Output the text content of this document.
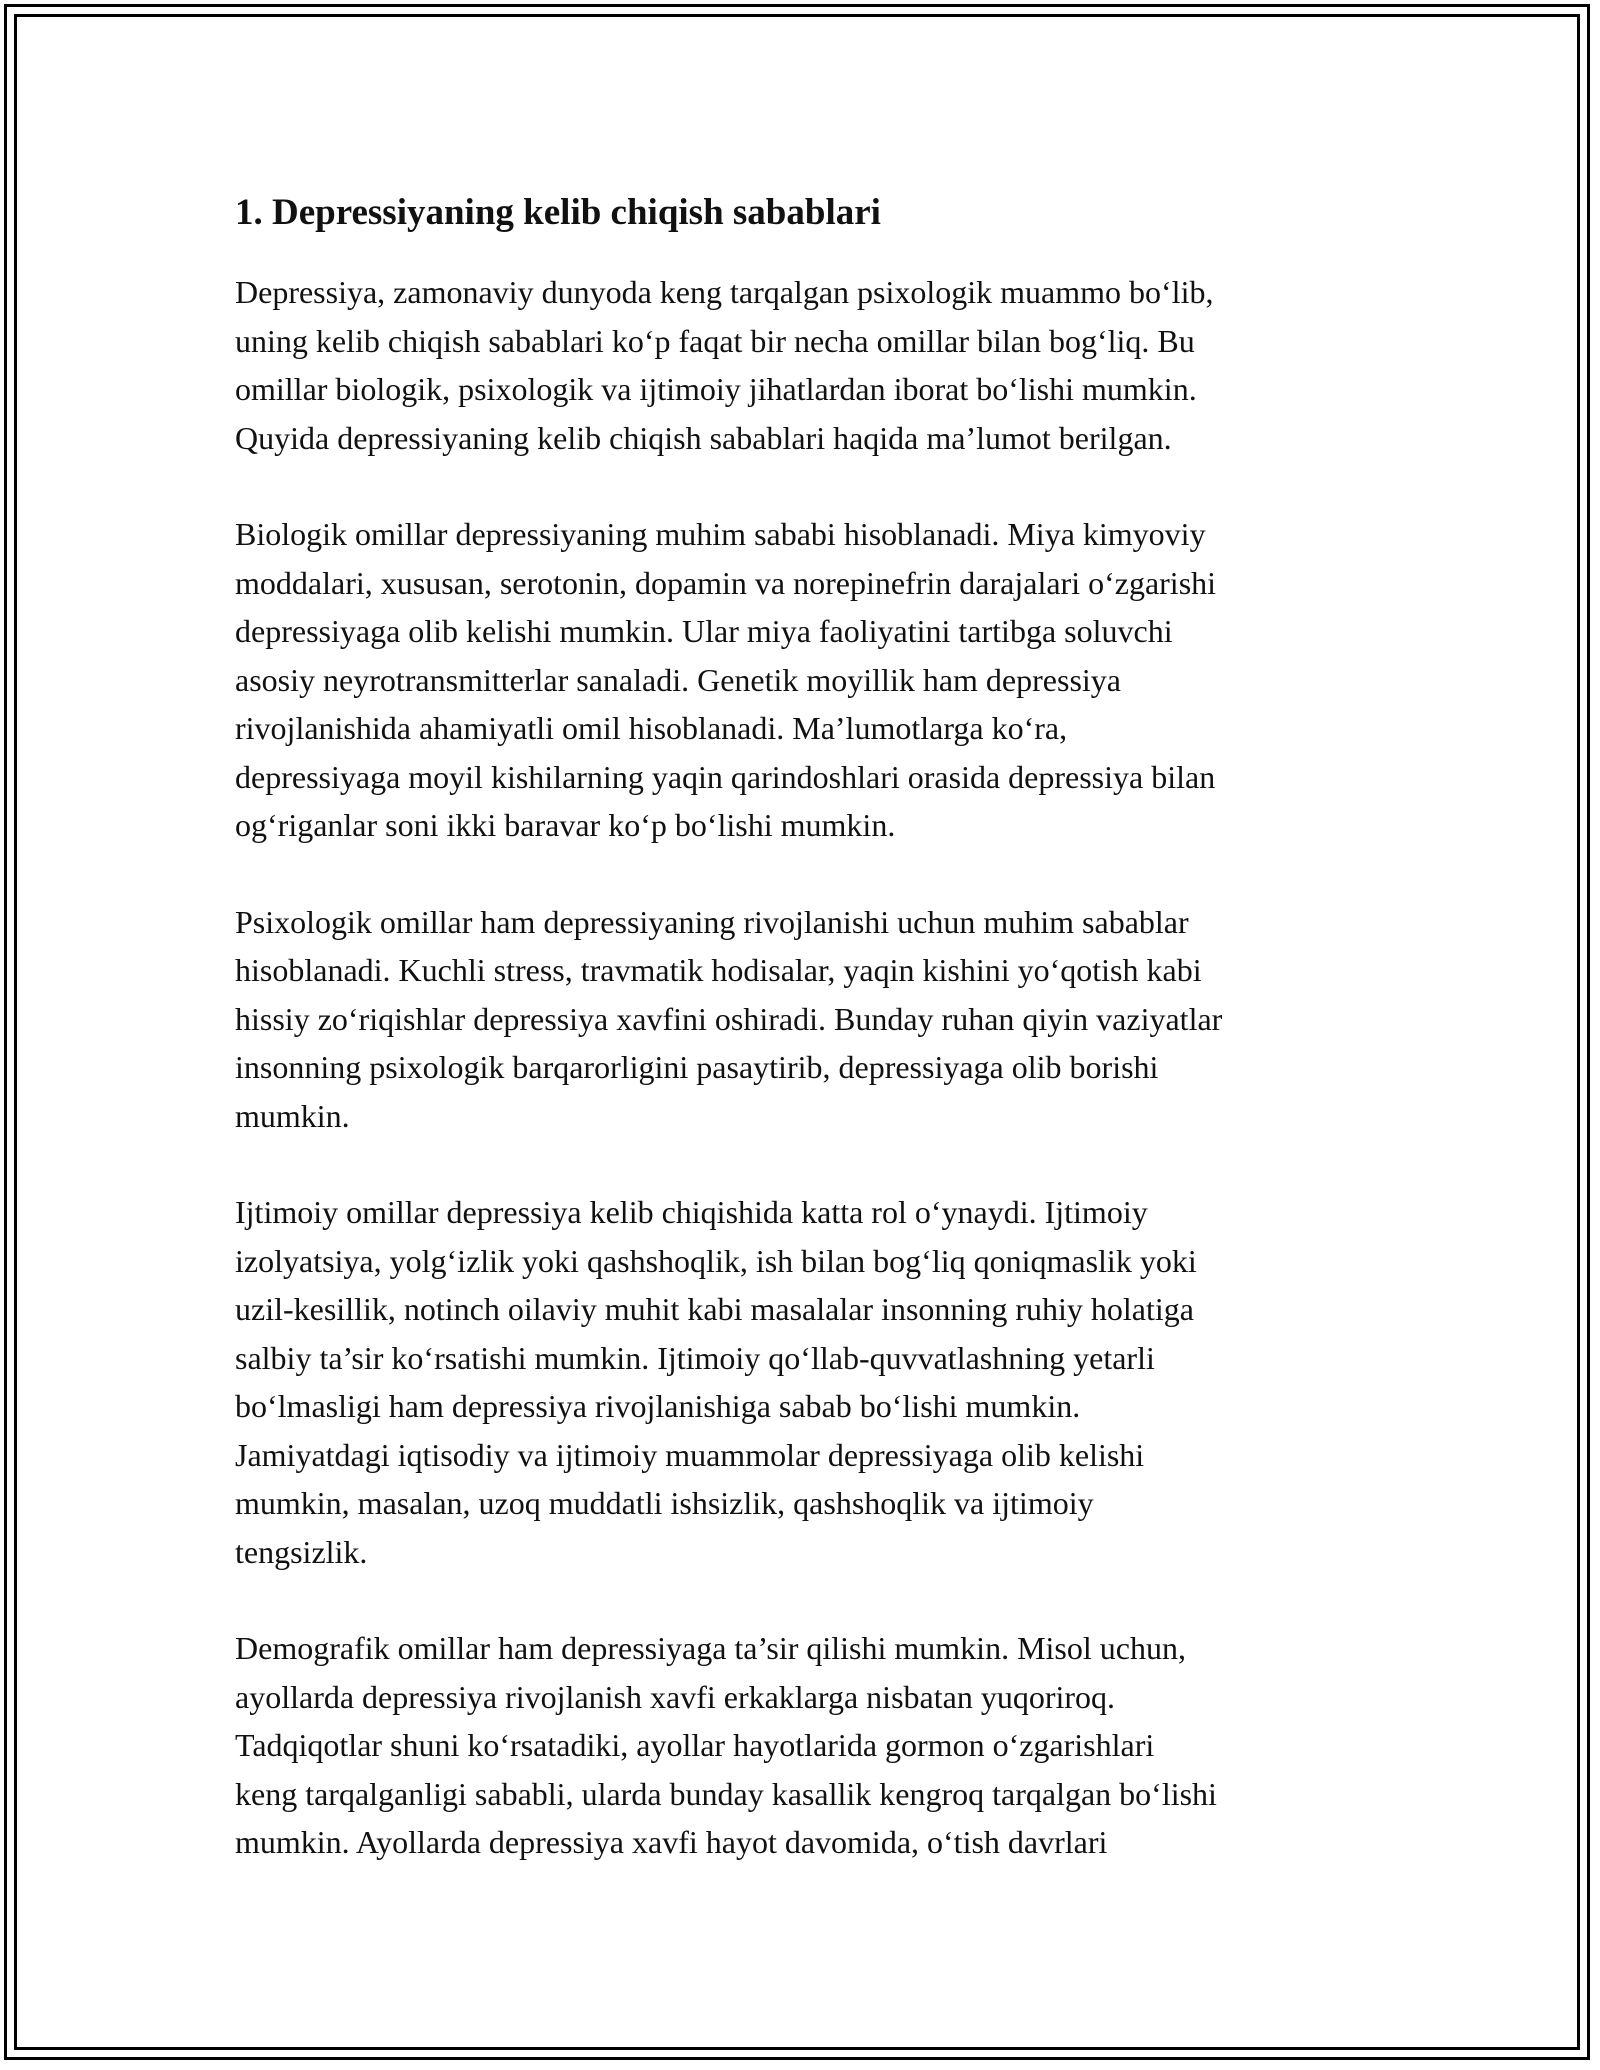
1. Depressiyaning kelib chiqish sabablari

Depressiya, zamonaviy dunyoda keng tarqalgan psixologik muammo bo‘lib,
uning kelib chiqish sabablari ko‘p faqat bir necha omillar bilan bog‘liq. Bu
omillar biologik, psixologik va ijtimoiy jihatlardan iborat bo‘lishi mumkin.
Quyida depressiyaning kelib chiqish sabablari haqida ma’lumot berilgan.

Biologik omillar depressiyaning muhim sababi hisoblanadi. Miya kimyoviy
moddalari, xususan, serotonin, dopamin va norepinefrin darajalari o‘zgarishi
depressiyaga olib kelishi mumkin. Ular miya faoliyatini tartibga soluvchi
asosiy neyrotransmitterlar sanaladi. Genetik moyillik ham depressiya
rivojlanishida ahamiyatli omil hisoblanadi. Ma’lumotlarga ko‘ra,
depressiyaga moyil kishilarning yaqin qarindoshlari orasida depressiya bilan
og‘riganlar soni ikki baravar ko‘p bo‘lishi mumkin.

Psixologik omillar ham depressiyaning rivojlanishi uchun muhim sabablar
hisoblanadi. Kuchli stress, travmatik hodisalar, yaqin kishini yo‘qotish kabi
hissiy zo‘riqishlar depressiya xavfini oshiradi. Bunday ruhan qiyin vaziyatlar
insonning psixologik barqarorligini pasaytirib, depressiyaga olib borishi
mumkin.

Ijtimoiy omillar depressiya kelib chiqishida katta rol o‘ynaydi. Ijtimoiy
izolyatsiya, yolg‘izlik yoki qashshoqlik, ish bilan bog‘liq qoniqmaslik yoki
uzil-kesillik, notinch oilaviy muhit kabi masalalar insonning ruhiy holatiga
salbiy ta’sir ko‘rsatishi mumkin. Ijtimoiy qo‘llab-quvvatlashning yetarli
bo‘lmasligi ham depressiya rivojlanishiga sabab bo‘lishi mumkin.
Jamiyatdagi iqtisodiy va ijtimoiy muammolar depressiyaga olib kelishi
mumkin, masalan, uzoq muddatli ishsizlik, qashshoqlik va ijtimoiy
tengsizlik.

Demografik omillar ham depressiyaga ta’sir qilishi mumkin. Misol uchun,
ayollarda depressiya rivojlanish xavfi erkaklarga nisbatan yuqoriroq.
Tadqiqotlar shuni ko‘rsatadiki, ayollar hayotlarida gormon o‘zgarishlari
keng tarqalganligi sababli, ularda bunday kasallik kengroq tarqalgan bo‘lishi
mumkin. Ayollarda depressiya xavfi hayot davomida, o‘tish davrlari
